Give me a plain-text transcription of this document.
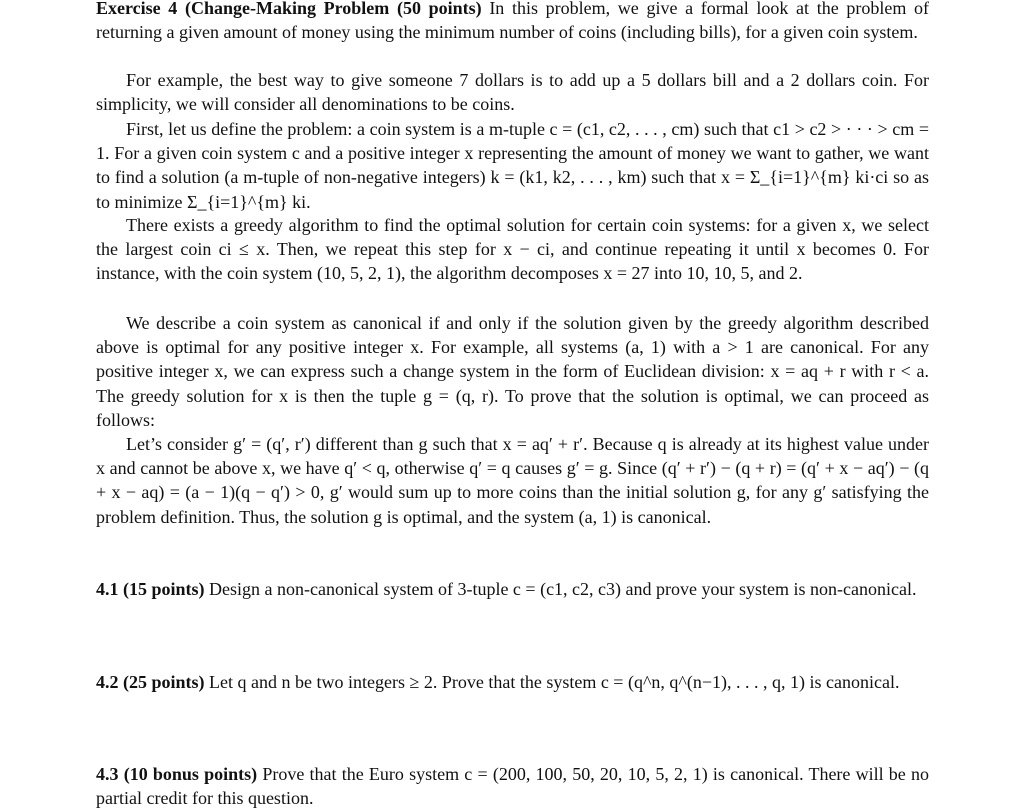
Exercise 4 (Change-Making Problem (50 points) In this problem, we give a formal look at the problem of returning a given amount of money using the minimum number of coins (including bills), for a given coin system.

For example, the best way to give someone 7 dollars is to add up a 5 dollars bill and a 2 dollars coin. For simplicity, we will consider all denominations to be coins.

First, let us define the problem: a coin system is a m-tuple c = (c1, c2, . . . , cm) such that c1 > c2 > · · · > cm = 1. For a given coin system c and a positive integer x representing the amount of money we want to gather, we want to find a solution (a m-tuple of non-negative integers) k = (k1, k2, . . . , km) such that x = Σ_{i=1}^{m} ki·ci so as to minimize Σ_{i=1}^{m} ki.

There exists a greedy algorithm to find the optimal solution for certain coin systems: for a given x, we select the largest coin ci ≤ x. Then, we repeat this step for x − ci, and continue repeating it until x becomes 0. For instance, with the coin system (10, 5, 2, 1), the algorithm decomposes x = 27 into 10, 10, 5, and 2.

We describe a coin system as canonical if and only if the solution given by the greedy algorithm described above is optimal for any positive integer x. For example, all systems (a, 1) with a > 1 are canonical. For any positive integer x, we can express such a change system in the form of Euclidean division: x = aq + r with r < a. The greedy solution for x is then the tuple g = (q, r). To prove that the solution is optimal, we can proceed as follows:

Let’s consider g′ = (q′, r′) different than g such that x = aq′ + r′. Because q is already at its highest value under x and cannot be above x, we have q′ < q, otherwise q′ = q causes g′ = g. Since (q′ + r′) − (q + r) = (q′ + x − aq′) − (q + x − aq) = (a − 1)(q − q′) > 0, g′ would sum up to more coins than the initial solution g, for any g′ satisfying the problem definition. Thus, the solution g is optimal, and the system (a, 1) is canonical.

4.1 (15 points) Design a non-canonical system of 3-tuple c = (c1, c2, c3) and prove your system is non-canonical.

4.2 (25 points) Let q and n be two integers ≥ 2. Prove that the system c = (q^n, q^(n−1), . . . , q, 1) is canonical.

4.3 (10 bonus points) Prove that the Euro system c = (200, 100, 50, 20, 10, 5, 2, 1) is canonical. There will be no partial credit for this question.
